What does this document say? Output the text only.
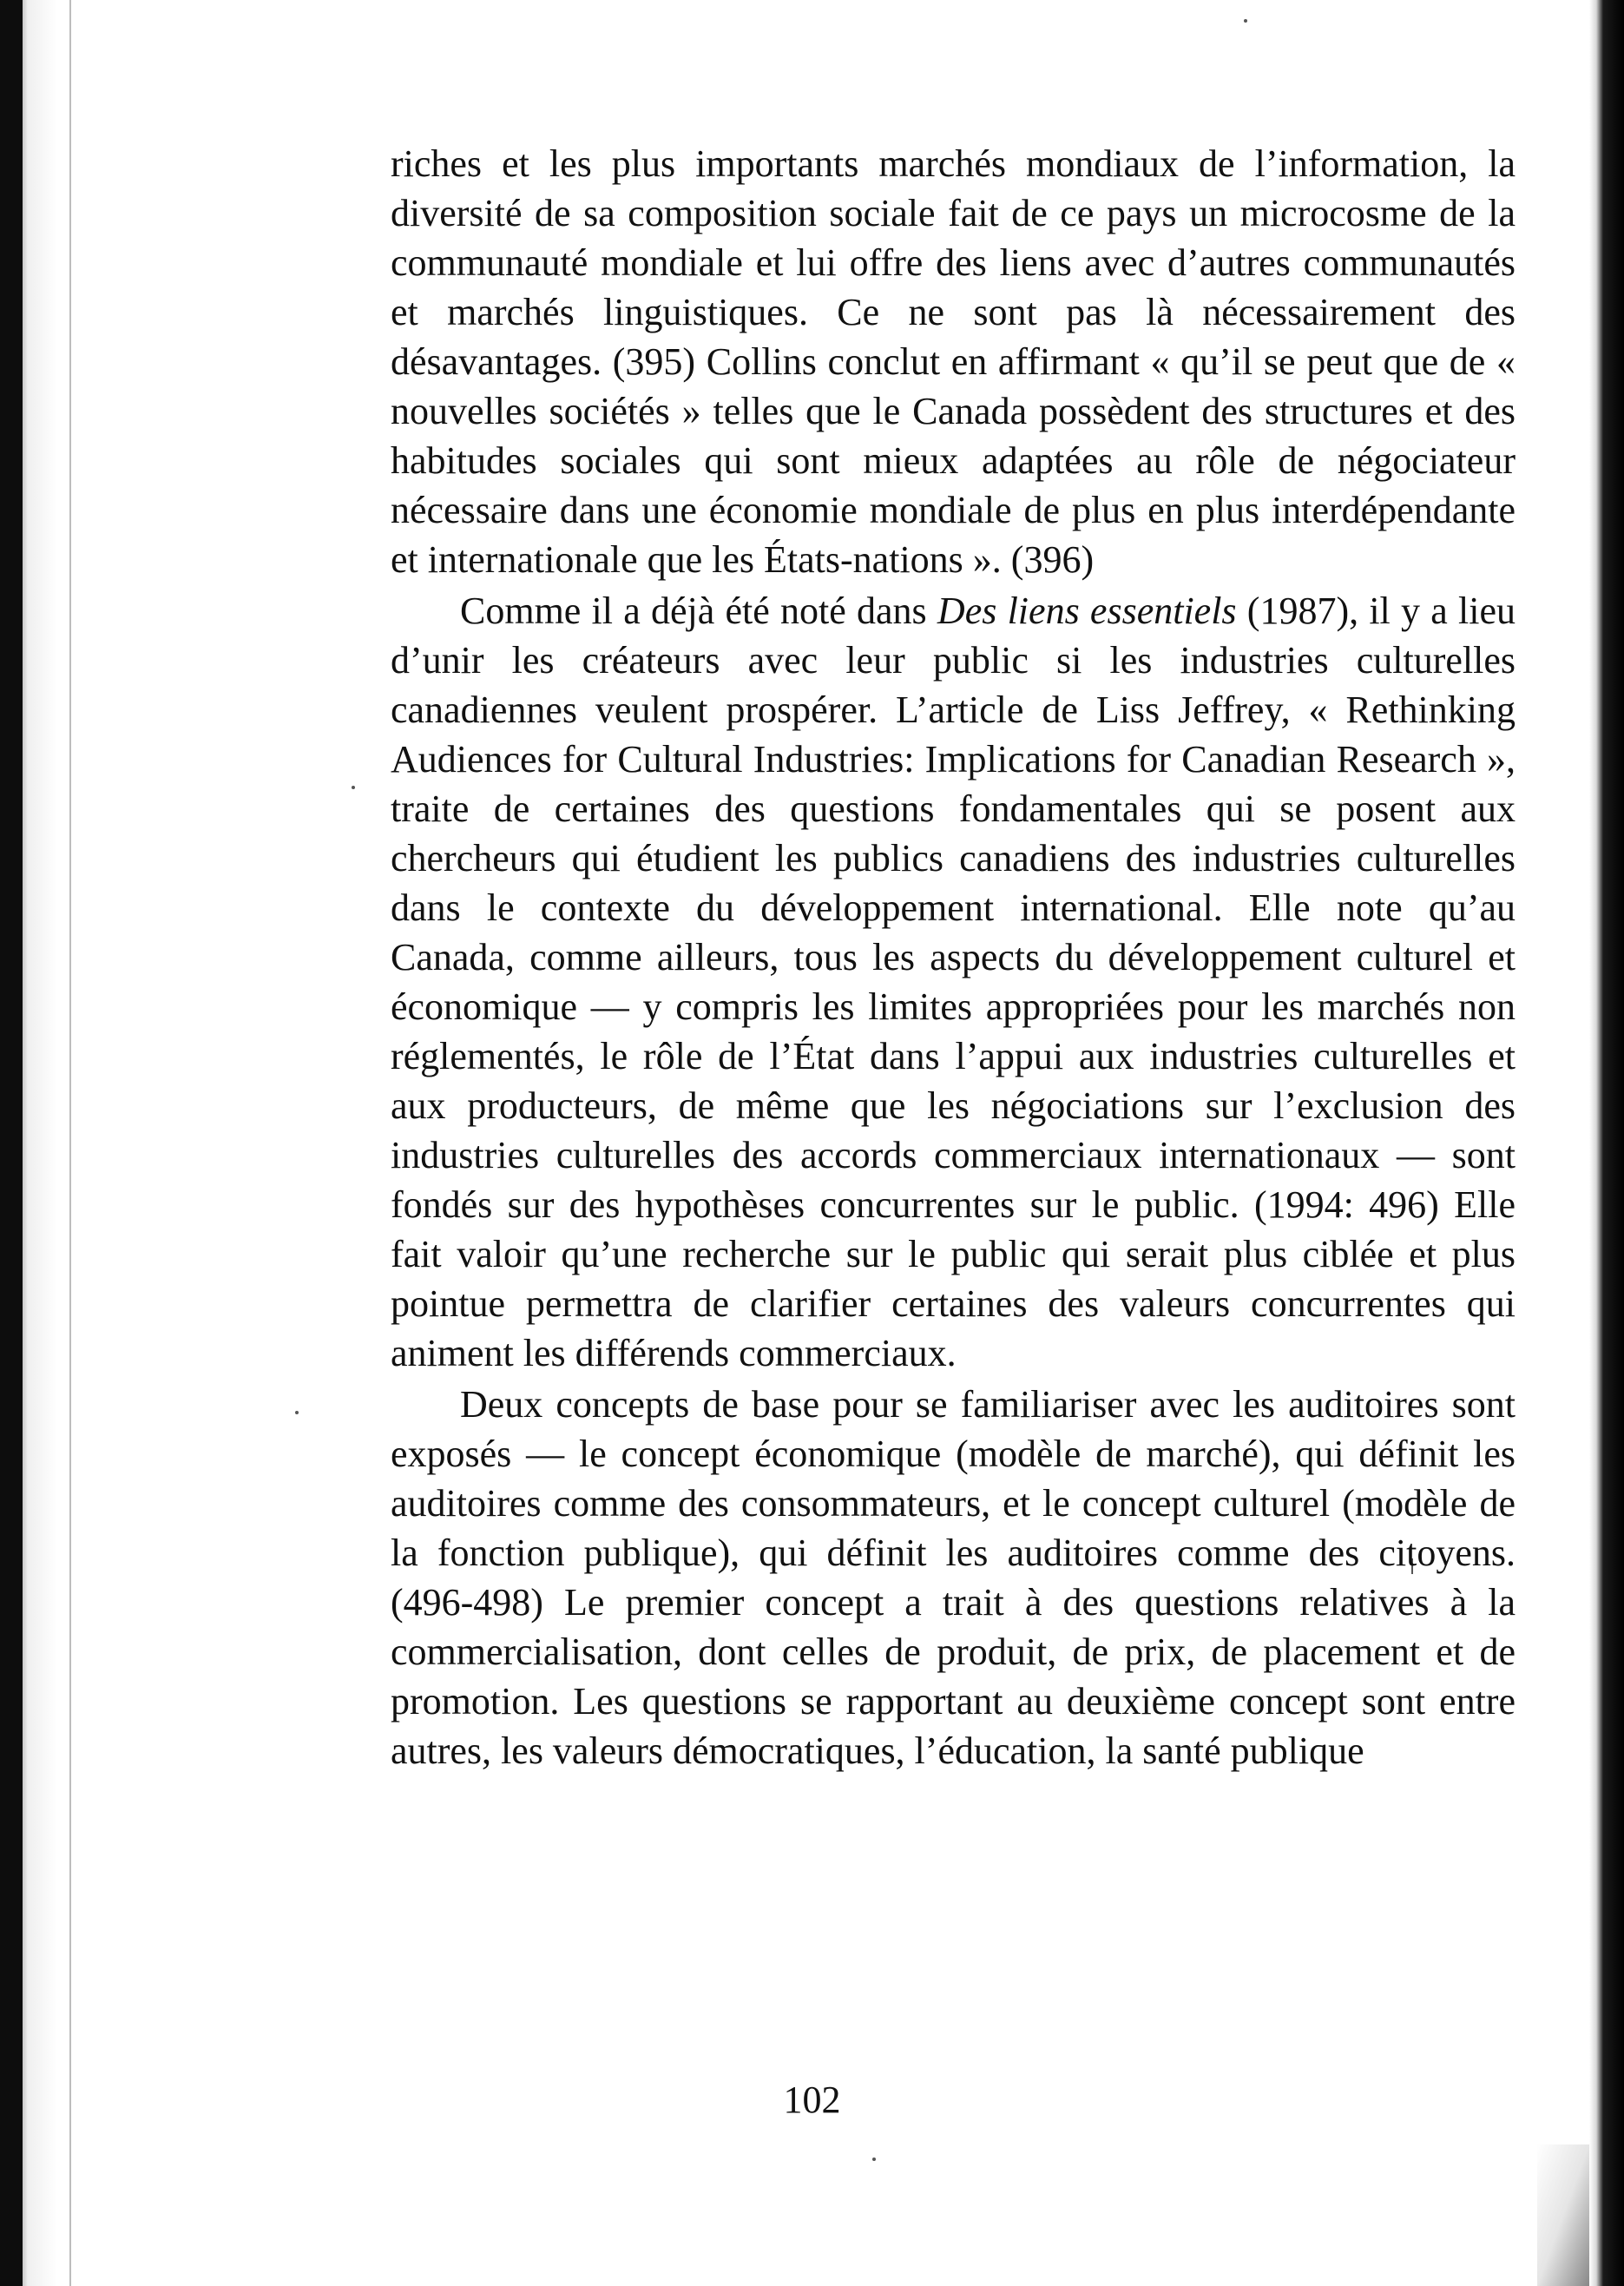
riches et les plus importants marchés mondiaux de l’information, la diversité de sa composition sociale fait de ce pays un microcosme de la communauté mondiale et lui offre des liens avec d’autres communautés et marchés linguistiques. Ce ne sont pas là nécessairement des désavantages. (395) Collins conclut en affirmant « qu’il se peut que de « nouvelles sociétés » telles que le Canada possèdent des structures et des habitudes sociales qui sont mieux adaptées au rôle de négociateur nécessaire dans une économie mondiale de plus en plus interdépendante et internationale que les États-nations ». (396)

Comme il a déjà été noté dans Des liens essentiels (1987), il y a lieu d’unir les créateurs avec leur public si les industries culturelles canadiennes veulent prospérer. L’article de Liss Jeffrey, « Rethinking Audiences for Cultural Industries: Implications for Canadian Research », traite de certaines des questions fondamentales qui se posent aux chercheurs qui étudient les publics canadiens des industries culturelles dans le contexte du développement international. Elle note qu’au Canada, comme ailleurs, tous les aspects du développement culturel et économique — y compris les limites appropriées pour les marchés non réglementés, le rôle de l’État dans l’appui aux industries culturelles et aux producteurs, de même que les négociations sur l’exclusion des industries culturelles des accords commerciaux internationaux — sont fondés sur des hypothèses concurrentes sur le public. (1994: 496) Elle fait valoir qu’une recherche sur le public qui serait plus ciblée et plus pointue permettra de clarifier certaines des valeurs concurrentes qui animent les différends commerciaux.

Deux concepts de base pour se familiariser avec les auditoires sont exposés — le concept économique (modèle de marché), qui définit les auditoires comme des consommateurs, et le concept culturel (modèle de la fonction publique), qui définit les auditoires comme des citoyens. (496-498) Le premier concept a trait à des questions relatives à la commercialisation, dont celles de produit, de prix, de placement et de promotion. Les questions se rapportant au deuxième concept sont entre autres, les valeurs démocratiques, l’éducation, la santé publique

102
